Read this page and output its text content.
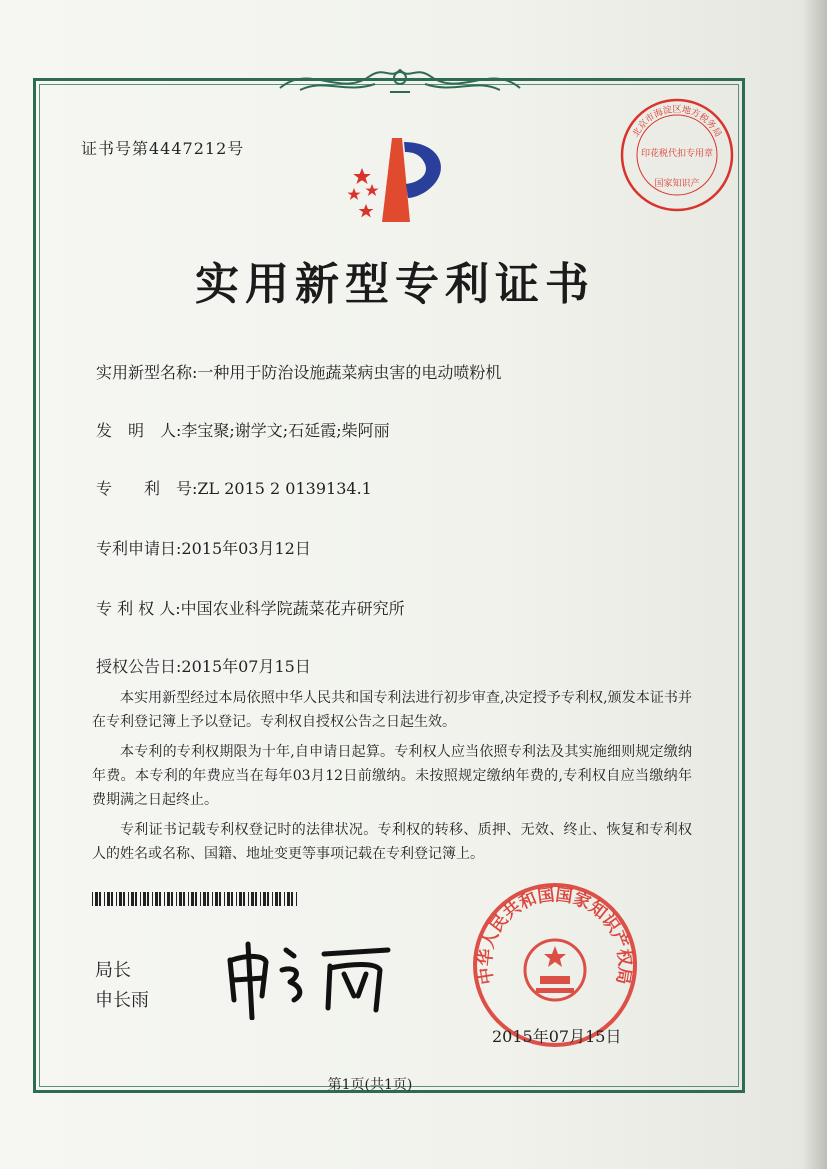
证书号第4447212号
北京市海淀区地方税务局
印花税代扣专用章
国家知识产
实用新型专利证书
实用新型名称:一种用于防治设施蔬菜病虫害的电动喷粉机
发　明　人:李宝聚;谢学文;石延霞;柴阿丽
专　　利　号:ZL 2015 2 0139134.1
专利申请日:2015年03月12日
专 利 权 人:中国农业科学院蔬菜花卉研究所
授权公告日:2015年07月15日

本实用新型经过本局依照中华人民共和国专利法进行初步审查,决定授予专利权,颁发本证书并在专利登记簿上予以登记。专利权自授权公告之日起生效。

本专利的专利权期限为十年,自申请日起算。专利权人应当依照专利法及其实施细则规定缴纳年费。本专利的年费应当在每年03月12日前缴纳。未按照规定缴纳年费的,专利权自应当缴纳年费期满之日起终止。

专利证书记载专利权登记时的法律状况。专利权的转移、质押、无效、终止、恢复和专利权人的姓名或名称、国籍、地址变更等事项记载在专利登记簿上。

局长
申长雨
中华人民共和国国家知识产权局
2015年07月15日
第1页(共1页)
